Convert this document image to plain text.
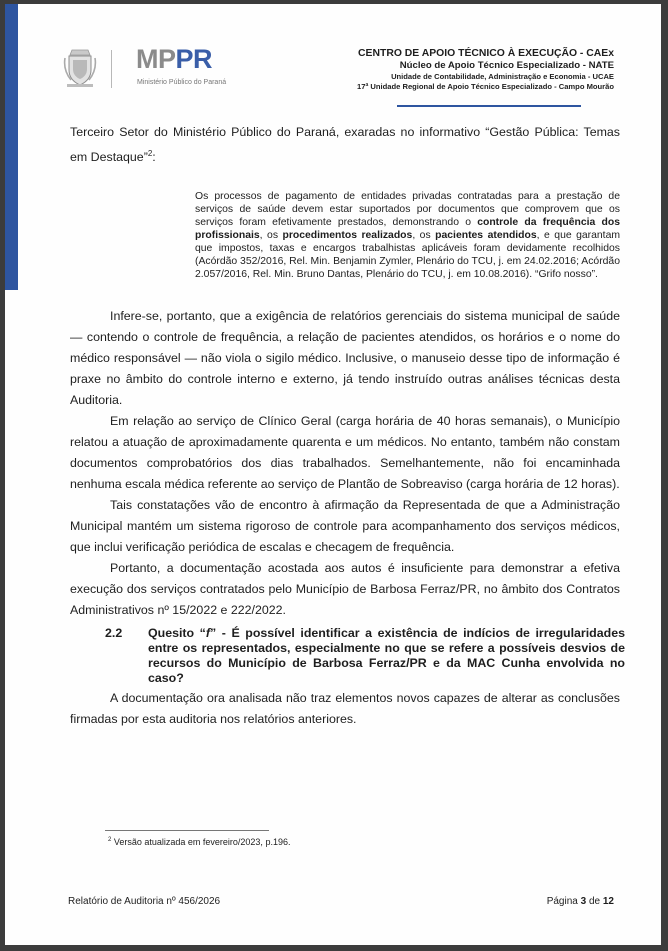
MPPR
Ministério Público do Paraná
CENTRO DE APOIO TÉCNICO À EXECUÇÃO - CAEx
Núcleo de Apoio Técnico Especializado - NATE
Unidade de Contabilidade, Administração e Economia - UCAE
17ª Unidade Regional de Apoio Técnico Especializado - Campo Mourão
Terceiro Setor do Ministério Público do Paraná, exaradas no informativo “Gestão Pública: Temas em Destaque”$^2$:
Os processos de pagamento de entidades privadas contratadas para a prestação de serviços de saúde devem estar suportados por documentos que comprovem que os serviços foram efetivamente prestados, demonstrando o controle da frequência dos profissionais, os procedimentos realizados, os pacientes atendidos, e que garantam que impostos, taxas e encargos trabalhistas aplicáveis foram devidamente recolhidos (Acórdão 352/2016, Rel. Min. Benjamin Zymler, Plenário do TCU, j. em 24.02.2016; Acórdão 2.057/2016, Rel. Min. Bruno Dantas, Plenário do TCU, j. em 10.08.2016). “Grifo nosso”.

Infere-se, portanto, que a exigência de relatórios gerenciais do sistema municipal de saúde — contendo o controle de frequência, a relação de pacientes atendidos, os horários e o nome do médico responsável — não viola o sigilo médico. Inclusive, o manuseio desse tipo de informação é praxe no âmbito do controle interno e externo, já tendo instruído outras análises técnicas desta Auditoria.

Em relação ao serviço de Clínico Geral (carga horária de 40 horas semanais), o Município relatou a atuação de aproximadamente quarenta e um médicos. No entanto, também não constam documentos comprobatórios dos dias trabalhados. Semelhantemente, não foi encaminhada nenhuma escala médica referente ao serviço de Plantão de Sobreaviso (carga horária de 12 horas).

Tais constatações vão de encontro à afirmação da Representada de que a Administração Municipal mantém um sistema rigoroso de controle para acompanhamento dos serviços médicos, que inclui verificação periódica de escalas e checagem de frequência.

Portanto, a documentação acostada aos autos é insuficiente para demonstrar a efetiva execução dos serviços contratados pelo Município de Barbosa Ferraz/PR, no âmbito dos Contratos Administrativos nº 15/2022 e 222/2022.

2.2 Quesito “f” - É possível identificar a existência de indícios de irregularidades entre os representados, especialmente no que se refere a possíveis desvios de recursos do Município de Barbosa Ferraz/PR e da MAC Cunha envolvida no caso?

A documentação ora analisada não traz elementos novos capazes de alterar as conclusões firmadas por esta auditoria nos relatórios anteriores.

$^2$ Versão atualizada em fevereiro/2023, p.196.
Relatório de Auditoria nº 456/2026	Página 3 de 12
